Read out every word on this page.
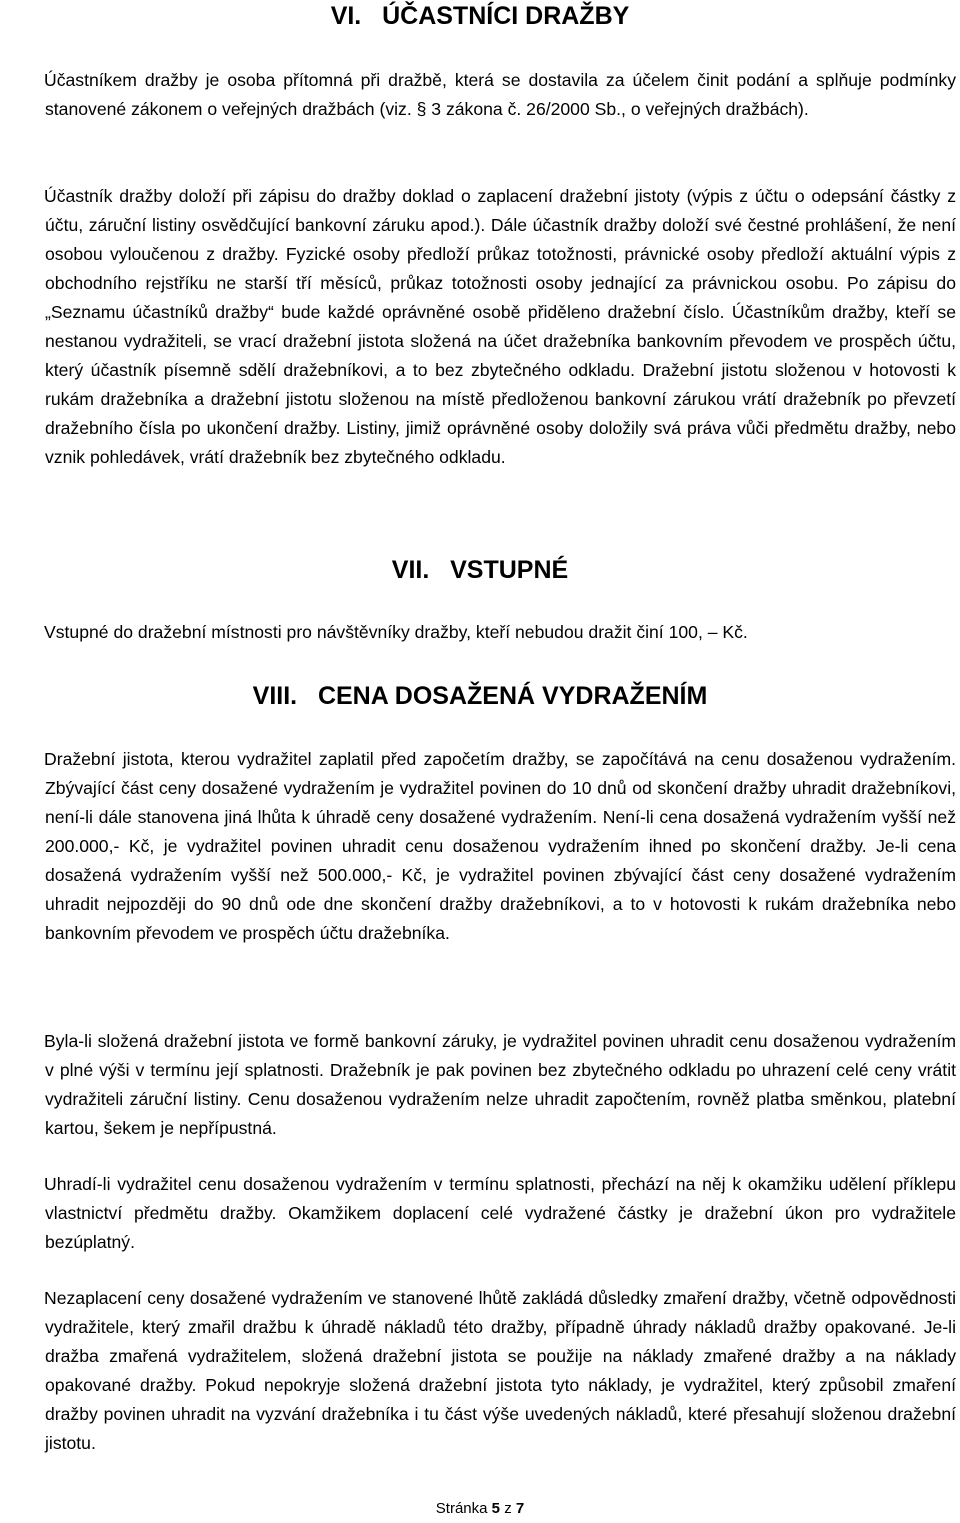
VI.   ÚČASTNÍCI DRAŽBY

Účastníkem dražby je osoba přítomná při dražbě, která se dostavila za účelem činit podání a splňuje podmínky stanovené zákonem o veřejných dražbách (viz. § 3 zákona č. 26/2000 Sb., o veřejných dražbách).

Účastník dražby doloží při zápisu do dražby doklad o zaplacení dražební jistoty (výpis z účtu o odepsání částky z účtu, záruční listiny osvědčující bankovní záruku apod.). Dále účastník dražby doloží své čestné prohlášení, že není osobou vyloučenou z dražby. Fyzické osoby předloží průkaz totožnosti, právnické osoby předloží aktuální výpis z obchodního rejstříku ne starší tří měsíců, průkaz totožnosti osoby jednající za právnickou osobu. Po zápisu do „Seznamu účastníků dražby“ bude každé oprávněné osobě přiděleno dražební číslo. Účastníkům dražby, kteří se nestanou vydražiteli, se vrací dražební jistota složená na účet dražebníka bankovním převodem ve prospěch účtu, který účastník písemně sdělí dražebníkovi, a to bez zbytečného odkladu. Dražební jistotu složenou v hotovosti k rukám dražebníka a dražební jistotu složenou na místě předloženou bankovní zárukou vrátí dražebník po převzetí dražebního čísla po ukončení dražby. Listiny, jimiž oprávněné osoby doložily svá práva vůči předmětu dražby, nebo vznik pohledávek, vrátí dražebník bez zbytečného odkladu.

VII.   VSTUPNÉ

Vstupné do dražební místnosti pro návštěvníky dražby, kteří nebudou dražit činí 100, – Kč.

VIII.   CENA DOSAŽENÁ VYDRAŽENÍM

Dražební jistota, kterou vydražitel zaplatil před započetím dražby, se započítává na cenu dosaženou vydražením. Zbývající část ceny dosažené vydražením je vydražitel povinen do 10 dnů od skončení dražby uhradit dražebníkovi, není-li dále stanovena jiná lhůta k úhradě ceny dosažené vydražením. Není-li cena dosažená vydražením vyšší než 200.000,- Kč, je vydražitel povinen uhradit cenu dosaženou vydražením ihned po skončení dražby. Je-li cena dosažená vydražením vyšší než 500.000,- Kč, je vydražitel povinen zbývající část ceny dosažené vydražením uhradit nejpozději do 90 dnů ode dne skončení dražby dražebníkovi, a to v hotovosti k rukám dražebníka nebo bankovním převodem ve prospěch účtu dražebníka.

Byla-li složená dražební jistota ve formě bankovní záruky, je vydražitel povinen uhradit cenu dosaženou vydražením v plné výši v termínu její splatnosti. Dražebník je pak povinen bez zbytečného odkladu po uhrazení celé ceny vrátit vydražiteli záruční listiny. Cenu dosaženou vydražením nelze uhradit započtením, rovněž platba směnkou, platební kartou, šekem je nepřípustná.

Uhradí-li vydražitel cenu dosaženou vydražením v termínu splatnosti, přechází na něj k okamžiku udělení příklepu vlastnictví předmětu dražby. Okamžikem doplacení celé vydražené částky je dražební úkon pro vydražitele bezúplatný.

Nezaplacení ceny dosažené vydražením ve stanovené lhůtě zakládá důsledky zmaření dražby, včetně odpovědnosti vydražitele, který zmařil dražbu k úhradě nákladů této dražby, případně úhrady nákladů dražby opakované. Je-li dražba zmařená vydražitelem, složená dražební jistota se použije na náklady zmařené dražby a na náklady opakované dražby. Pokud nepokryje složená dražební jistota tyto náklady, je vydražitel, který způsobil zmaření dražby povinen uhradit na vyzvání dražebníka i tu část výše uvedených nákladů, které přesahují složenou dražební jistotu.

Stránka 5 z 7
